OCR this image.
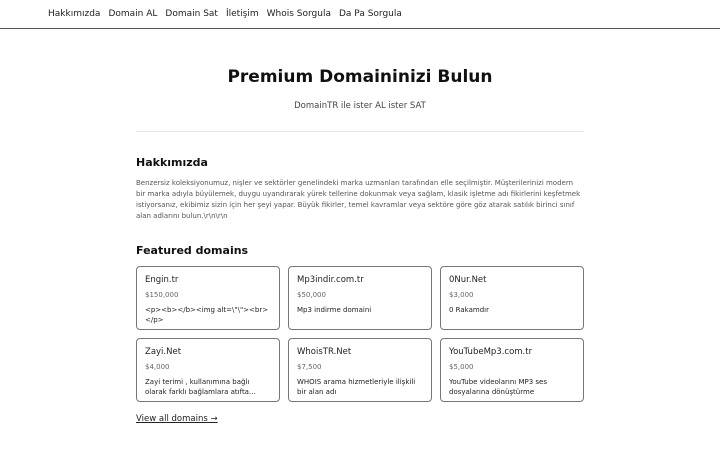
Hakkımızda Domain AL Domain Sat İletişim Whois Sorgula Da Pa Sorgula
Premium Domaininizi Bulun

DomainTR ile ister AL ister SAT

Hakkımızda
Benzersiz koleksiyonumuz, nişler ve sektörler genelindeki marka uzmanları tarafından elle seçilmiştir. Müşterilerinizi modern bir marka adıyla büyülemek, duygu uyandırarak yürek tellerine dokunmak veya sağlam, klasik işletme adı fikirlerini keşfetmek istiyorsanız, ekibimiz sizin için her şeyi yapar. Büyük fikirler, temel kavramlar veya sektöre göre göz atarak satılık birinci sınıf alan adlarını bulun.\r\n\r\n
Featured domains
Engin.tr
$150,000
<p><b></b><img alt=\"\"><br></p>
Mp3indir.com.tr
$50,000
Mp3 indirme domaini
0Nur.Net
$3,000
0 Rakamdır
Zayi.Net
$4,000
Zayi terimi , kullanımına bağlı olarak farklı bağlamlara atıfta...
WhoisTR.Net
$7,500
WHOIS arama hizmetleriyle ilişkili bir alan adı
YouTubeMp3.com.tr
$5,000
YouTube videolarını MP3 ses dosyalarına dönüştürme
View all domains →
